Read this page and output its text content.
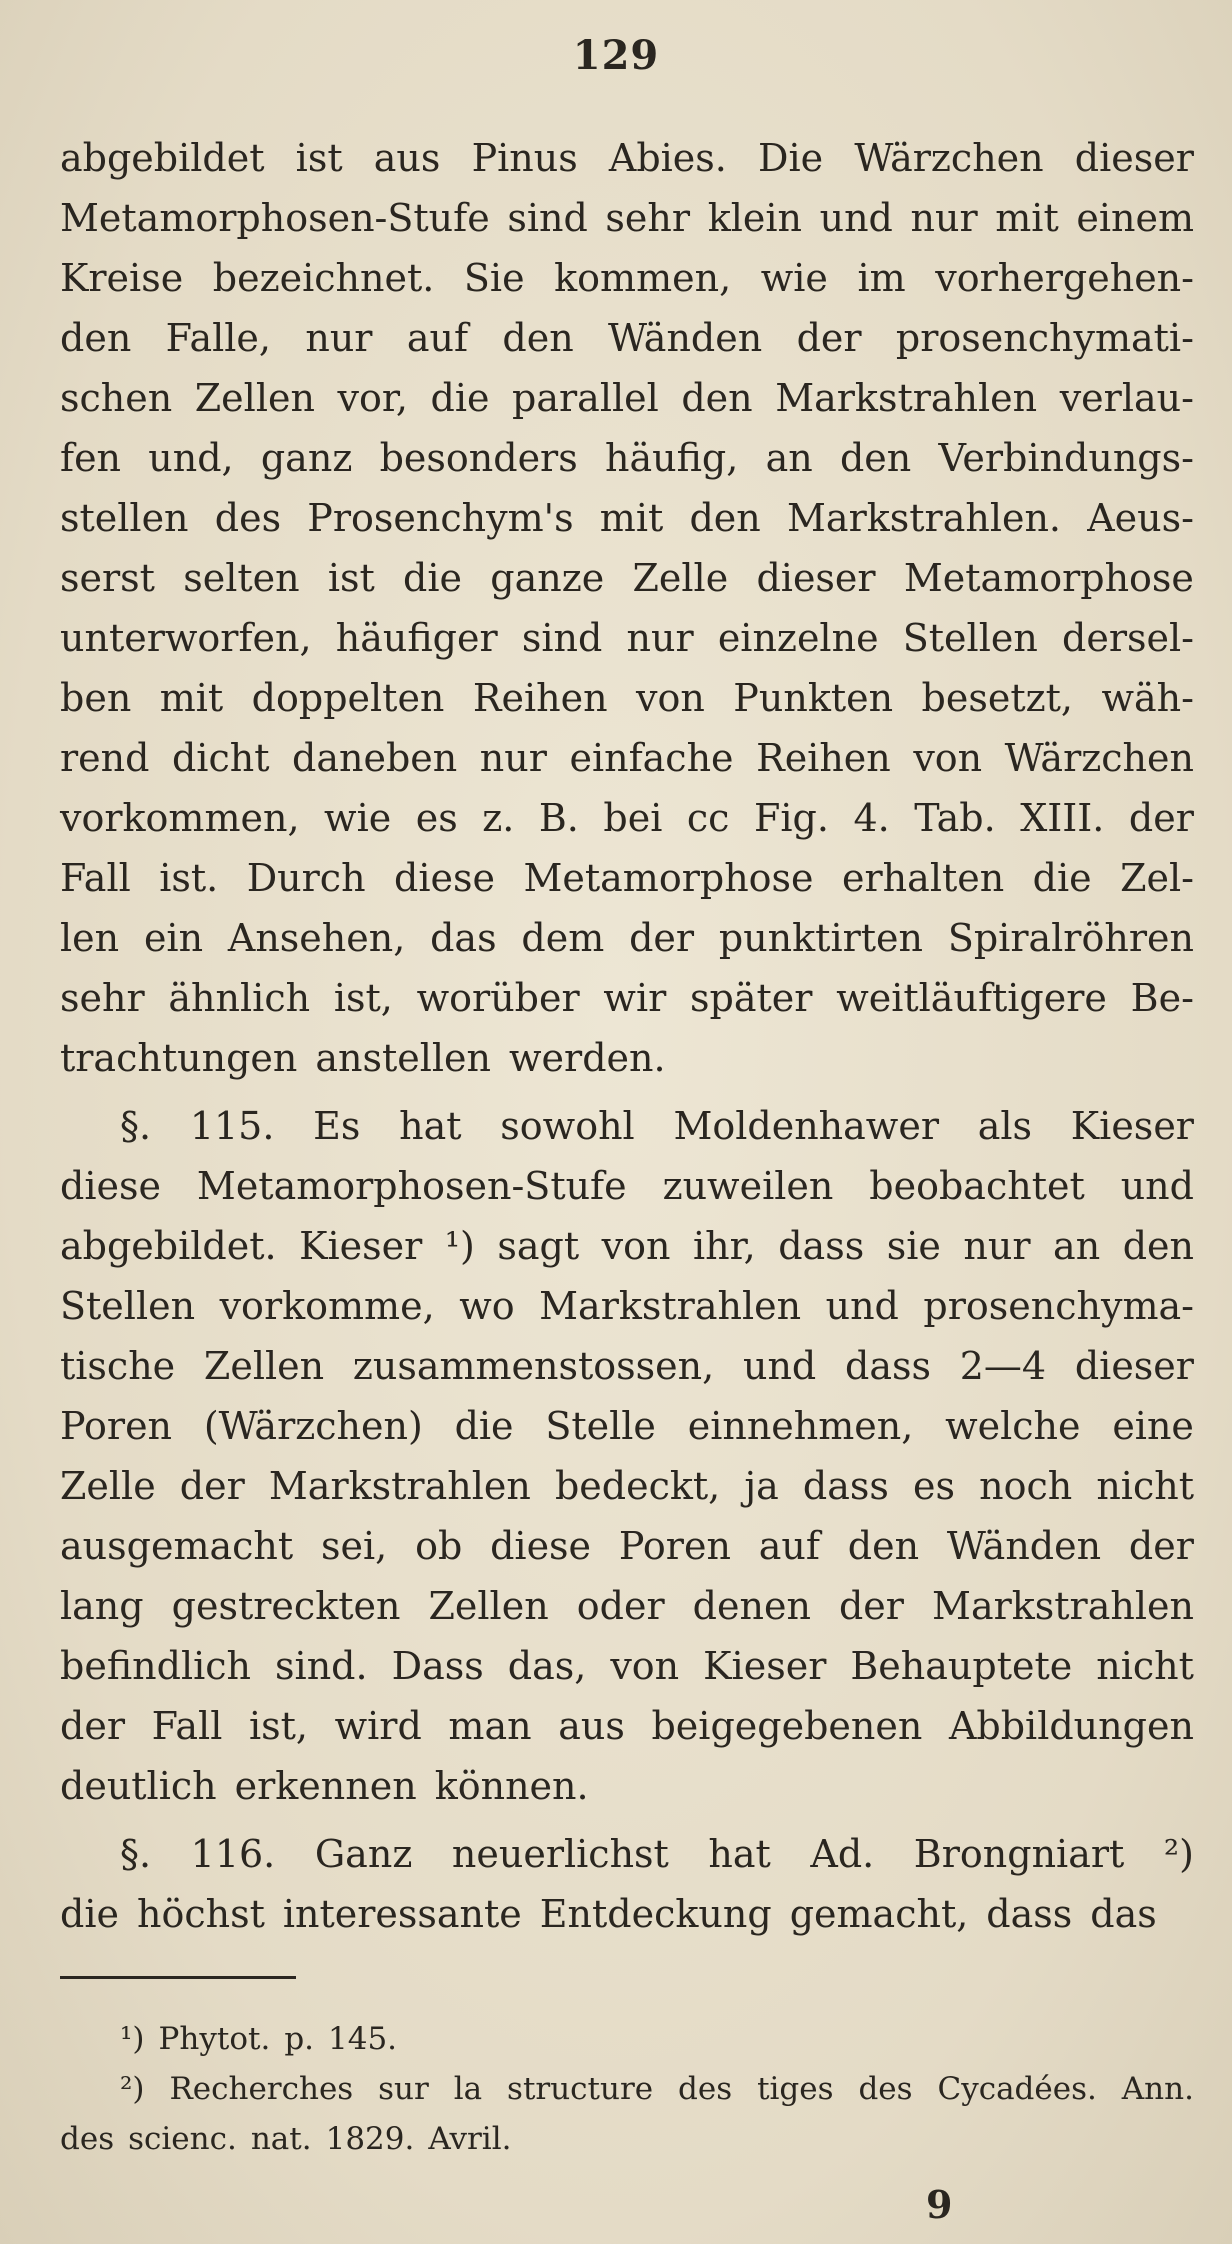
129
abgebildet ist aus Pinus Abies. Die Wärzchen dieser
Metamorphosen-Stufe sind sehr klein und nur mit einem
Kreise bezeichnet. Sie kommen, wie im vorhergehen-
den Falle, nur auf den Wänden der prosenchymati-
schen Zellen vor, die parallel den Markstrahlen verlau-
fen und, ganz besonders häufig, an den Verbindungs-
stellen des Prosenchym's mit den Markstrahlen. Aeus-
serst selten ist die ganze Zelle dieser Metamorphose
unterworfen, häufiger sind nur einzelne Stellen dersel-
ben mit doppelten Reihen von Punkten besetzt, wäh-
rend dicht daneben nur einfache Reihen von Wärzchen
vorkommen, wie es z. B. bei cc Fig. 4. Tab. XIII. der
Fall ist. Durch diese Metamorphose erhalten die Zel-
len ein Ansehen, das dem der punktirten Spiralröhren
sehr ähnlich ist, worüber wir später weitläuftigere Be-
trachtungen anstellen werden.
§. 115. Es hat sowohl Moldenhawer als Kieser
diese Metamorphosen-Stufe zuweilen beobachtet und
abgebildet. Kieser ¹) sagt von ihr, dass sie nur an den
Stellen vorkomme, wo Markstrahlen und prosenchyma-
tische Zellen zusammenstossen, und dass 2—4 dieser
Poren (Wärzchen) die Stelle einnehmen, welche eine
Zelle der Markstrahlen bedeckt, ja dass es noch nicht
ausgemacht sei, ob diese Poren auf den Wänden der
lang gestreckten Zellen oder denen der Markstrahlen
befindlich sind. Dass das, von Kieser Behauptete nicht
der Fall ist, wird man aus beigegebenen Abbildungen
deutlich erkennen können.
§. 116. Ganz neuerlichst hat Ad. Brongniart ²)
die höchst interessante Entdeckung gemacht, dass das
¹) Phytot. p. 145.
²) Recherches sur la structure des tiges des Cycadées. Ann.
des scienc. nat. 1829. Avril.
9
